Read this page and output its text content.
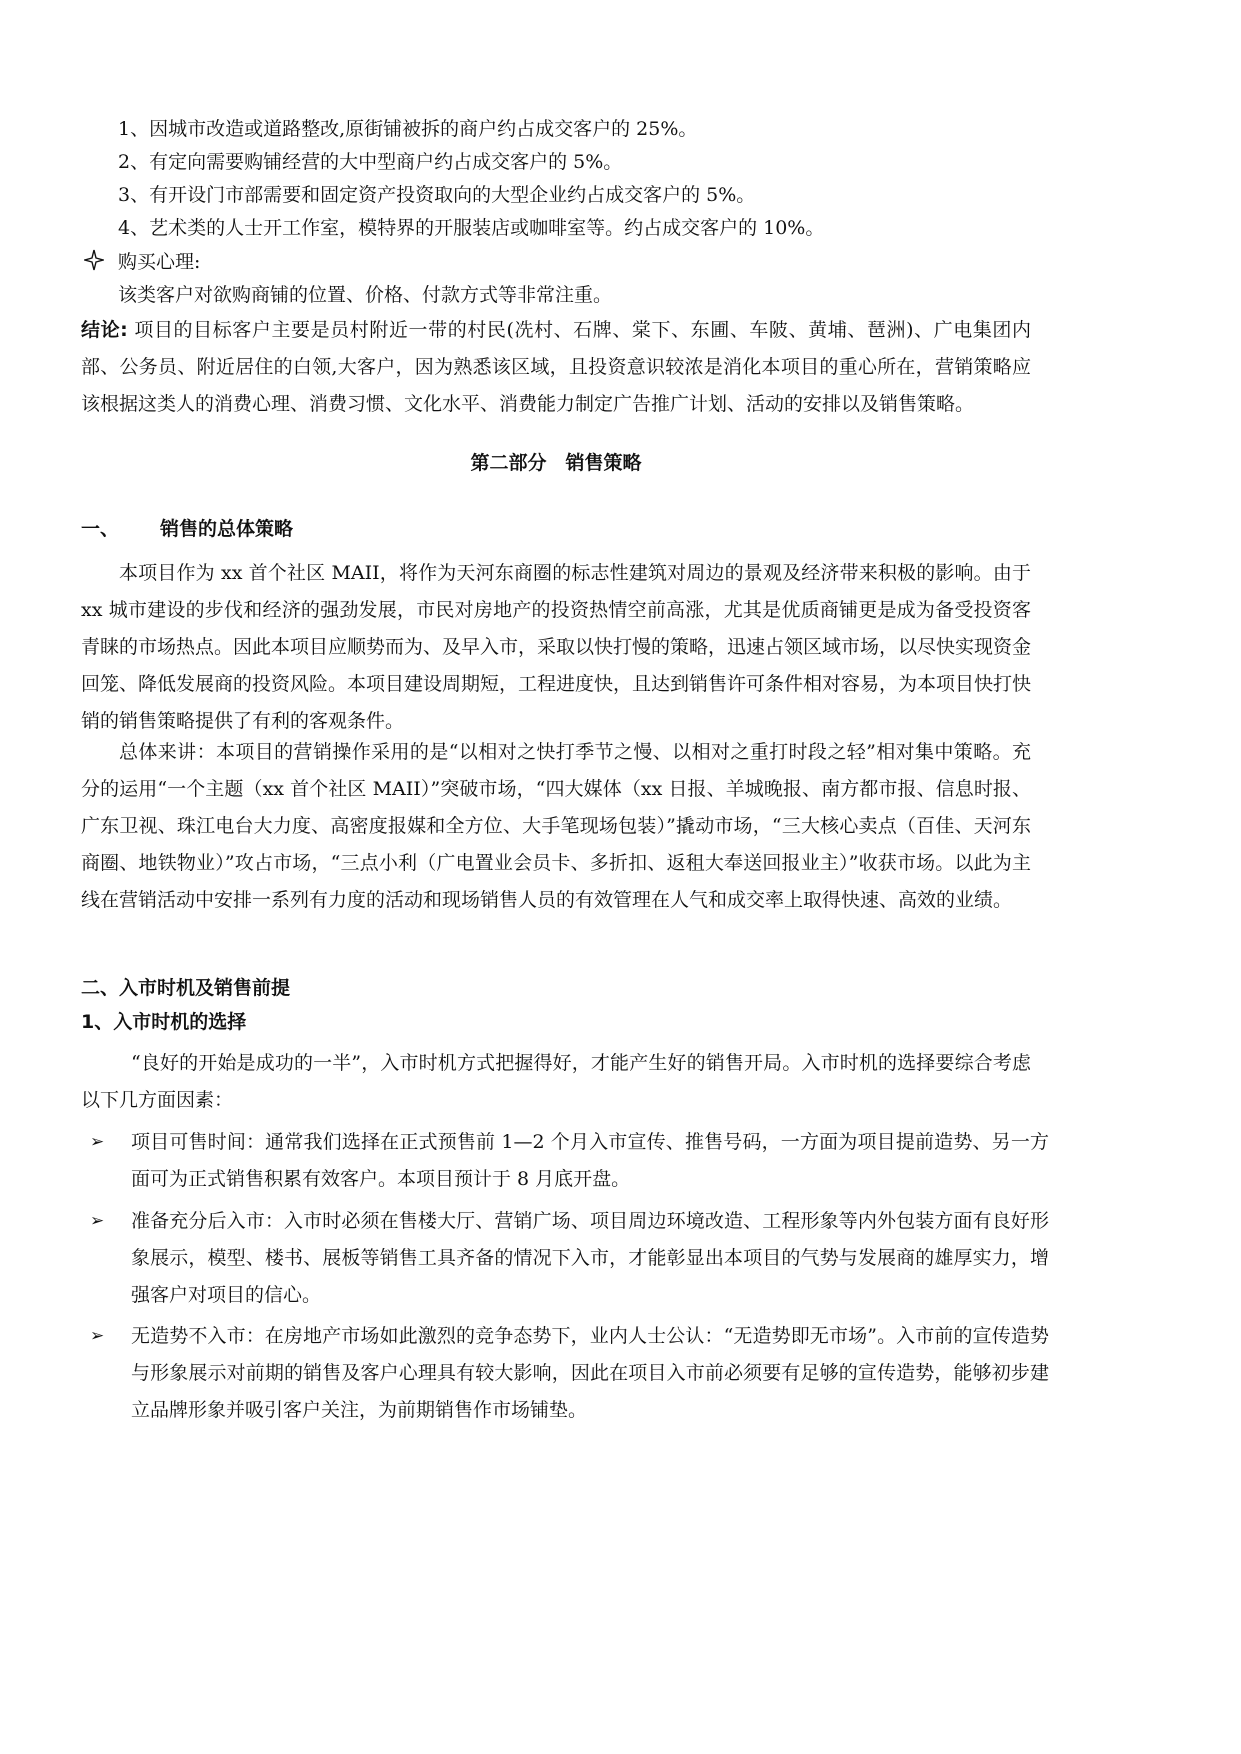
1、因城市改造或道路整改,原街铺被拆的商户约占成交客户的 25%。
2、有定向需要购铺经营的大中型商户约占成交客户的 5%。
3、有开设门市部需要和固定资产投资取向的大型企业约占成交客户的 5%。
4、艺术类的人士开工作室，模特界的开服装店或咖啡室等。约占成交客户的 10%。
购买心理:
该类客户对欲购商铺的位置、价格、付款方式等非常注重。
结论: 项目的目标客户主要是员村附近一带的村民(冼村、石牌、棠下、东圃、车陂、黄埔、琶洲)、广电集团内部、公务员、附近居住的白领,大客户，因为熟悉该区域，且投资意识较浓是消化本项目的重心所在，营销策略应该根据这类人的消费心理、消费习惯、文化水平、消费能力制定广告推广计划、活动的安排以及销售策略。
第二部分　销售策略
一、 销售的总体策略
本项目作为 xx 首个社区 MAII，将作为天河东商圈的标志性建筑对周边的景观及经济带来积极的影响。由于 xx 城市建设的步伐和经济的强劲发展，市民对房地产的投资热情空前高涨，尤其是优质商铺更是成为备受投资客青睐的市场热点。因此本项目应顺势而为、及早入市，采取以快打慢的策略，迅速占领区域市场，以尽快实现资金回笼、降低发展商的投资风险。本项目建设周期短，工程进度快，且达到销售许可条件相对容易，为本项目快打快销的销售策略提供了有利的客观条件。
总体来讲：本项目的营销操作采用的是“以相对之快打季节之慢、以相对之重打时段之轻”相对集中策略。充分的运用“一个主题（xx 首个社区 MAII）”突破市场，“四大媒体（xx 日报、羊城晚报、南方都市报、信息时报、广东卫视、珠江电台大力度、高密度报媒和全方位、大手笔现场包装）”撬动市场，“三大核心卖点（百佳、天河东商圈、地铁物业）”攻占市场，“三点小利（广电置业会员卡、多折扣、返租大奉送回报业主）”收获市场。以此为主线在营销活动中安排一系列有力度的活动和现场销售人员的有效管理在人气和成交率上取得快速、高效的业绩。
二、入市时机及销售前提
1、入市时机的选择
“良好的开始是成功的一半”，入市时机方式把握得好，才能产生好的销售开局。入市时机的选择要综合考虑以下几方面因素：
➢ 项目可售时间：通常我们选择在正式预售前 1—2 个月入市宣传、推售号码，一方面为项目提前造势、另一方面可为正式销售积累有效客户。本项目预计于 8 月底开盘。
➢ 准备充分后入市：入市时必须在售楼大厅、营销广场、项目周边环境改造、工程形象等内外包装方面有良好形象展示，模型、楼书、展板等销售工具齐备的情况下入市，才能彰显出本项目的气势与发展商的雄厚实力，增强客户对项目的信心。
➢ 无造势不入市：在房地产市场如此激烈的竞争态势下，业内人士公认：“无造势即无市场”。入市前的宣传造势与形象展示对前期的销售及客户心理具有较大影响，因此在项目入市前必须要有足够的宣传造势，能够初步建立品牌形象并吸引客户关注，为前期销售作市场铺垫。
